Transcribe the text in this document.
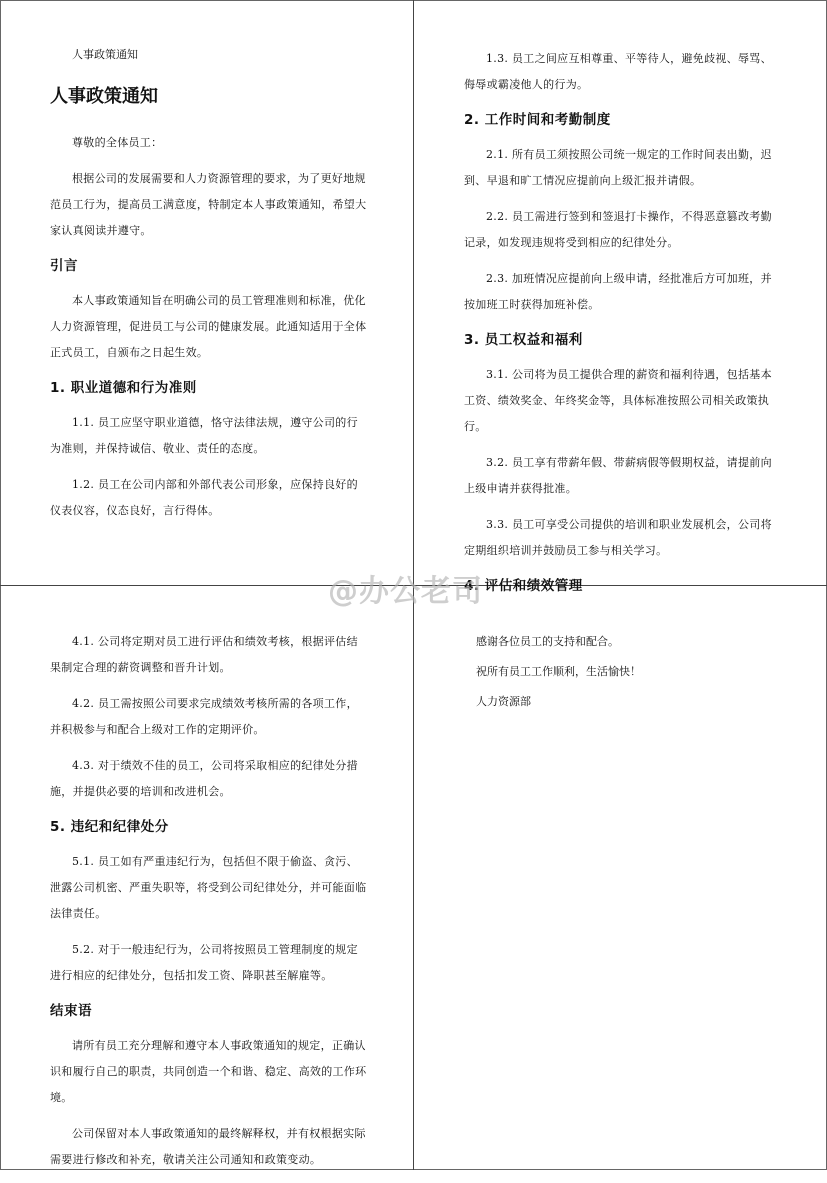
人事政策通知
人事政策通知

尊敬的全体员工：

根据公司的发展需要和人力资源管理的要求，为了更好地规范员工行为，提高员工满意度，特制定本人事政策通知，希望大家认真阅读并遵守。

引言

本人事政策通知旨在明确公司的员工管理准则和标准，优化人力资源管理，促进员工与公司的健康发展。此通知适用于全体正式员工，自颁布之日起生效。

1. 职业道德和行为准则

1.1. 员工应坚守职业道德，恪守法律法规，遵守公司的行为准则，并保持诚信、敬业、责任的态度。

1.2. 员工在公司内部和外部代表公司形象，应保持良好的仪表仪容，仪态良好，言行得体。

1.3. 员工之间应互相尊重、平等待人，避免歧视、辱骂、侮辱或霸凌他人的行为。

2. 工作时间和考勤制度

2.1. 所有员工须按照公司统一规定的工作时间表出勤，迟到、早退和旷工情况应提前向上级汇报并请假。

2.2. 员工需进行签到和签退打卡操作，不得恶意篡改考勤记录，如发现违规将受到相应的纪律处分。

2.3. 加班情况应提前向上级申请，经批准后方可加班，并按加班工时获得加班补偿。

3. 员工权益和福利

3.1. 公司将为员工提供合理的薪资和福利待遇，包括基本工资、绩效奖金、年终奖金等，具体标准按照公司相关政策执行。

3.2. 员工享有带薪年假、带薪病假等假期权益，请提前向上级申请并获得批准。

3.3. 员工可享受公司提供的培训和职业发展机会，公司将定期组织培训并鼓励员工参与相关学习。

4. 评估和绩效管理

4.1. 公司将定期对员工进行评估和绩效考核，根据评估结果制定合理的薪资调整和晋升计划。

4.2. 员工需按照公司要求完成绩效考核所需的各项工作，并积极参与和配合上级对工作的定期评价。

4.3. 对于绩效不佳的员工，公司将采取相应的纪律处分措施，并提供必要的培训和改进机会。

5. 违纪和纪律处分

5.1. 员工如有严重违纪行为，包括但不限于偷盗、贪污、泄露公司机密、严重失职等，将受到公司纪律处分，并可能面临法律责任。

5.2. 对于一般违纪行为，公司将按照员工管理制度的规定进行相应的纪律处分，包括扣发工资、降职甚至解雇等。

结束语

请所有员工充分理解和遵守本人事政策通知的规定，正确认识和履行自己的职责，共同创造一个和谐、稳定、高效的工作环境。

公司保留对本人事政策通知的最终解释权，并有权根据实际需要进行修改和补充，敬请关注公司通知和政策变动。

感谢各位员工的支持和配合。

祝所有员工工作顺利，生活愉快！

人力资源部

@办公老司
